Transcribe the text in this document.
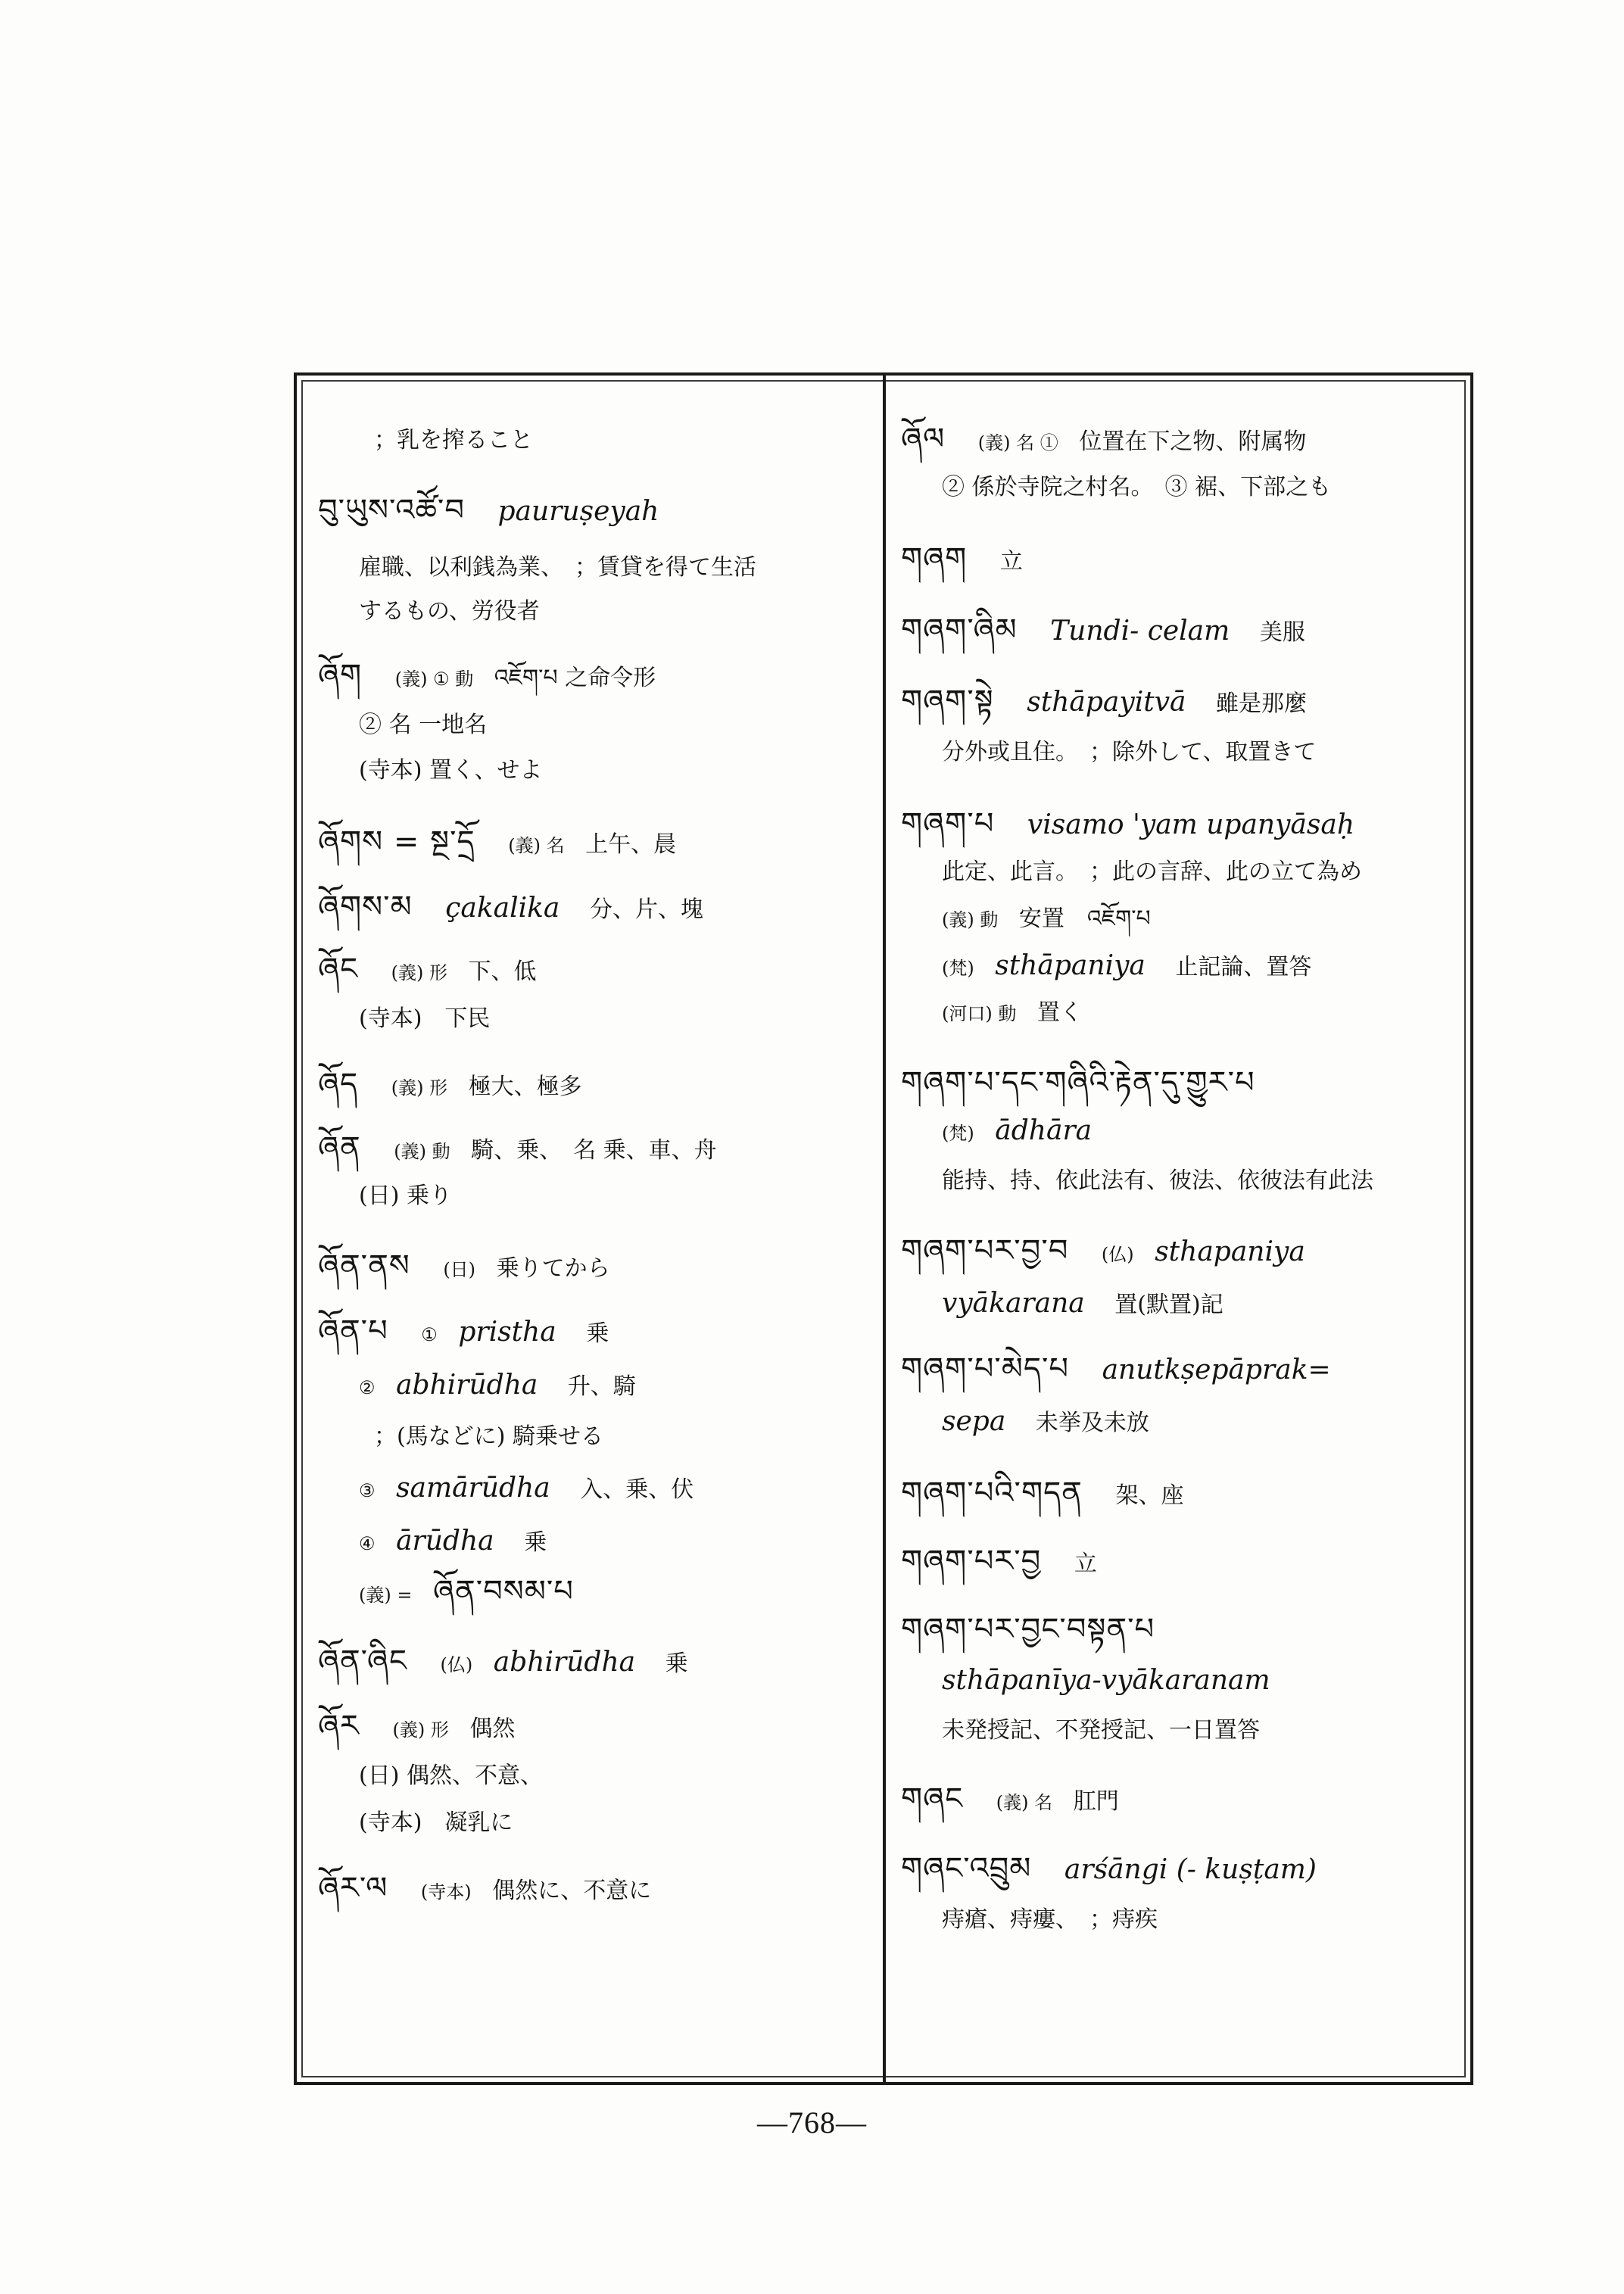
；乳を搾ること
བུ་ཡུས་འཚོ་བ pauruṣeyah
雇職、以利銭為業、　；賃貸を得て生活
するもの、労役者
ཞོག (義) ① 動 འཇོག་པ 之命令形
② 名 一地名
(寺本) 置く、せよ
ཞོགས = སྔ་དྲོ (義) 名 上午、晨
ཞོགས་མ çakalika 分、片、塊
ཞོང (義) 形 下、低
(寺本)　下民
ཞོད (義) 形 極大、極多
ཞོན (義) 動 騎、乗、　名 乗、車、舟
(日) 乗り
ཞོན་ནས (日) 乗りてから
ཞོན་པ ① pristha 乗
② abhirūdha 升、騎
；(馬などに) 騎乗せる
③ samārūdha 入、乗、伏
④ ārūdha 乗
(義) = ཞོན་བསམ་པ
ཞོན་ཞིང (仏) abhirūdha 乗
ཞོར (義) 形 偶然
(日) 偶然、不意、
(寺本)　凝乳に
ཞོར་ལ (寺本) 偶然に、不意に
ཞོལ (義) 名 ① 位置在下之物、附属物
② 係於寺院之村名。　③ 裾、下部之も
གཞག 立
གཞག་ཞིམ Tundi- celam 美服
གཞག་སྟེ sthāpayitvā 雖是那麼
分外或且住。　；除外して、取置きて
གཞག་པ visamo 'yam upanyāsaḥ
此定、此言。　；此の言辞、此の立て為め
(義) 動 安置　འཇོག་པ
(梵) sthāpaniya 止記論、置答
(河口) 動 置く
གཞག་པ་དང་གཞིའི་རྟེན་དུ་གྱུར་པ
(梵) ādhāra
能持、持、依此法有、彼法、依彼法有此法
གཞག་པར་བྱ་བ (仏) sthapaniya
vyākarana 置(默置)記
གཞག་པ་མེད་པ anutkṣepāprak=
sepa 未挙及未放
གཞག་པའི་གདན 架、座
གཞག་པར་བྱ 立
གཞག་པར་བྱང་བསྟན་པ
sthāpanīya-vyākaranam
未発授記、不発授記、一日置答
གཞང (義) 名 肛門
གཞང་འབྲུམ arśāngi (- kuṣṭam)
痔瘡、痔瘻、　；痔疾
—768—
